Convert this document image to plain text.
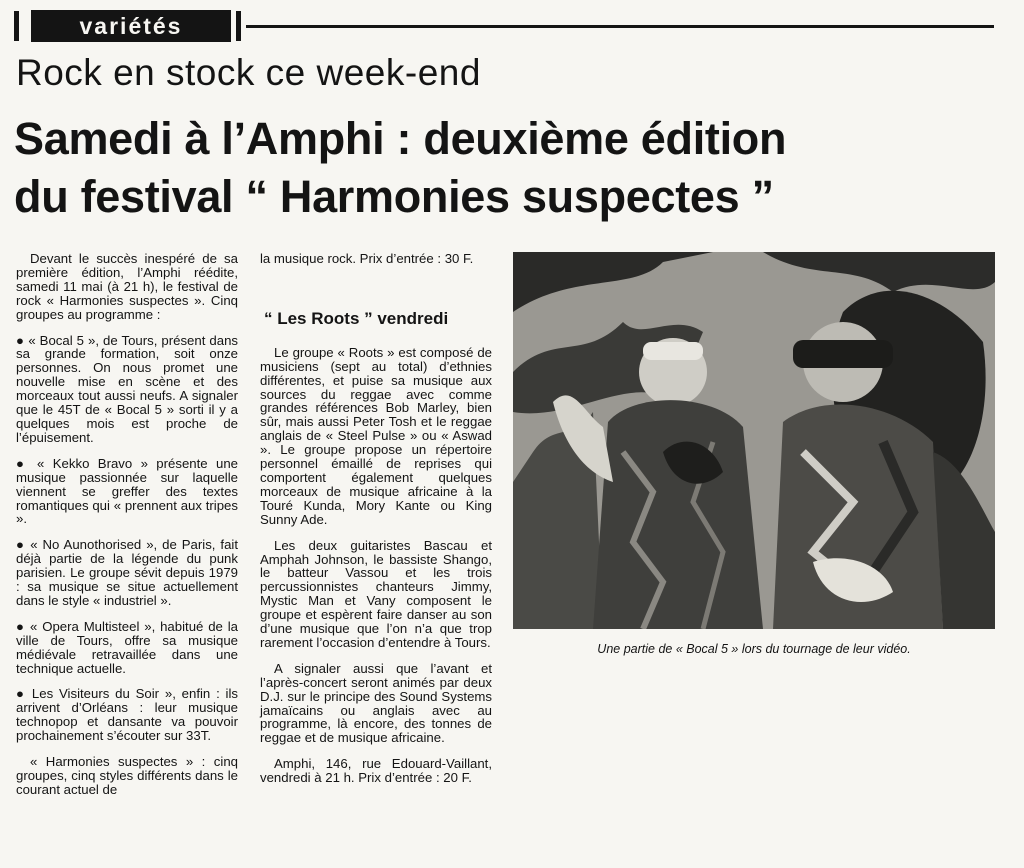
variétés
Rock en stock ce week-end
Samedi à l’Amphi : deuxième édition
du festival “ Harmonies suspectes ”

Devant le succès inespéré de sa première édition, l’Amphi réédite, samedi 11 mai (à 21 h), le festival de rock « Harmonies suspectes ». Cinq groupes au programme :

● « Bocal 5 », de Tours, présent dans sa grande formation, soit onze personnes. On nous promet une nouvelle mise en scène et des morceaux tout aussi neufs. A signaler que le 45T de « Bocal 5 » sorti il y a quelques mois est proche de l’épuisement.

● « Kekko Bravo » présente une musique passionnée sur laquelle viennent se greffer des textes romantiques qui « prennent aux tripes ».

● « No Aunothorised », de Paris, fait déjà partie de la légende du punk parisien. Le groupe sévit depuis 1979 : sa musique se situe actuellement dans le style « industriel ».

● « Opera Multisteel », habitué de la ville de Tours, offre sa musique médiévale retravaillée dans une technique actuelle.

● Les Visiteurs du Soir », enfin : ils arrivent d’Orléans : leur musique technopop et dansante va pouvoir prochainement s’écouter sur 33T.

« Harmonies suspectes » : cinq groupes, cinq styles différents dans le courant actuel de

la musique rock. Prix d’entrée : 30 F.

“ Les Roots ” vendredi

Le groupe « Roots » est composé de musiciens (sept au total) d’ethnies différentes, et puise sa musique aux sources du reggae avec comme grandes références Bob Marley, bien sûr, mais aussi Peter Tosh et le reggae anglais de « Steel Pulse » ou « Aswad ». Le groupe propose un répertoire personnel émaillé de reprises qui comportent également quelques morceaux de musique africaine à la Touré Kunda, Mory Kante ou King Sunny Ade.

Les deux guitaristes Bascau et Amphah Johnson, le bassiste Shango, le batteur Vassou et les trois percussionnistes chanteurs Jimmy, Mystic Man et Vany composent le groupe et espèrent faire danser au son d’une musique que l’on n’a que trop rarement l’occasion d’entendre à Tours.

A signaler aussi que l’avant et l’après-concert seront animés par deux D.J. sur le principe des Sound Systems jamaïcains ou anglais avec au programme, là encore, des tonnes de reggae et de musique africaine.

Amphi, 146, rue Edouard-Vaillant, vendredi à 21 h. Prix d’entrée : 20 F.

Une partie de « Bocal 5 » lors du tournage de leur vidéo.
